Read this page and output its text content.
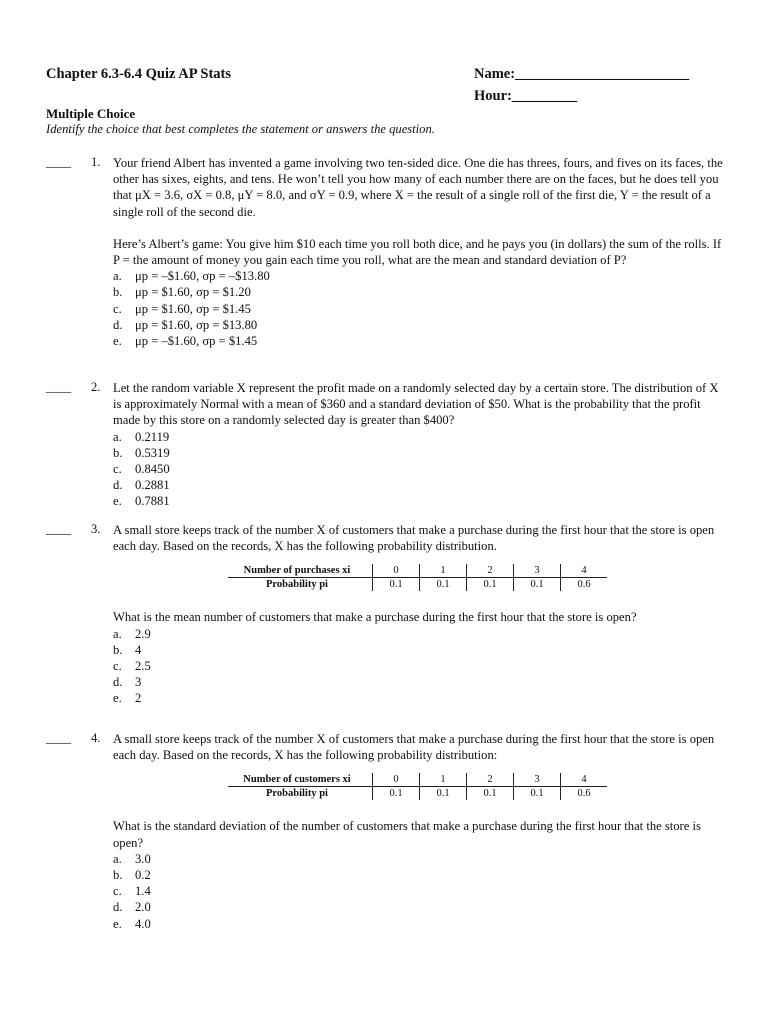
Chapter 6.3-6.4 Quiz AP Stats	Name:________________________
Hour:_________
Multiple Choice
Identify the choice that best completes the statement or answers the question.
____ 1. Your friend Albert has invented a game involving two ten-sided dice. One die has threes, fours, and fives on its faces, the other has sixes, eights, and tens. He won’t tell you how many of each number there are on the faces, but he does tell you that μX = 3.6, σX = 0.8, μY = 8.0, and σY = 0.9, where X = the result of a single roll of the first die, Y = the result of a single roll of the second die.

Here’s Albert’s game: You give him $10 each time you roll both dice, and he pays you (in dollars) the sum of the rolls. If P = the amount of money you gain each time you roll, what are the mean and standard deviation of P?

a.	μp = –$1.60, σp = –$13.80
b. μp = $1.60, σp = $1.20
c.	μp = $1.60, σp = $1.45
d. μp = $1.60, σp = $13.80
e.	μp = –$1.60, σp = $1.45
____ 2. Let the random variable X represent the profit made on a randomly selected day by a certain store. The distribution of X is approximately Normal with a mean of $360 and a standard deviation of $50. What is the probability that the profit made by this store on a randomly selected day is greater than $400?

a.	0.2119
b. 0.5319
c.	0.8450
d. 0.2881
e.	0.7881
____ 3. A small store keeps track of the number X of customers that make a purchase during the first hour that the store is open each day. Based on the records, X has the following probability distribution.

Number of purchases xi	0	1	2	3	4
Probability pi	0.1	0.1	0.1	0.1	0.6

What is the mean number of customers that make a purchase during the first hour that the store is open?

a.	2.9
b. 4
c.	2.5
d. 3
e.	2
____ 4. A small store keeps track of the number X of customers that make a purchase during the first hour that the store is open each day. Based on the records, X has the following probability distribution:

Number of customers xi	0	1	2	3	4
Probability pi	0.1	0.1	0.1	0.1	0.6

What is the standard deviation of the number of customers that make a purchase during the first hour that the store is open?

a.	3.0
b. 0.2
c.	1.4
d. 2.0
e.	4.0
